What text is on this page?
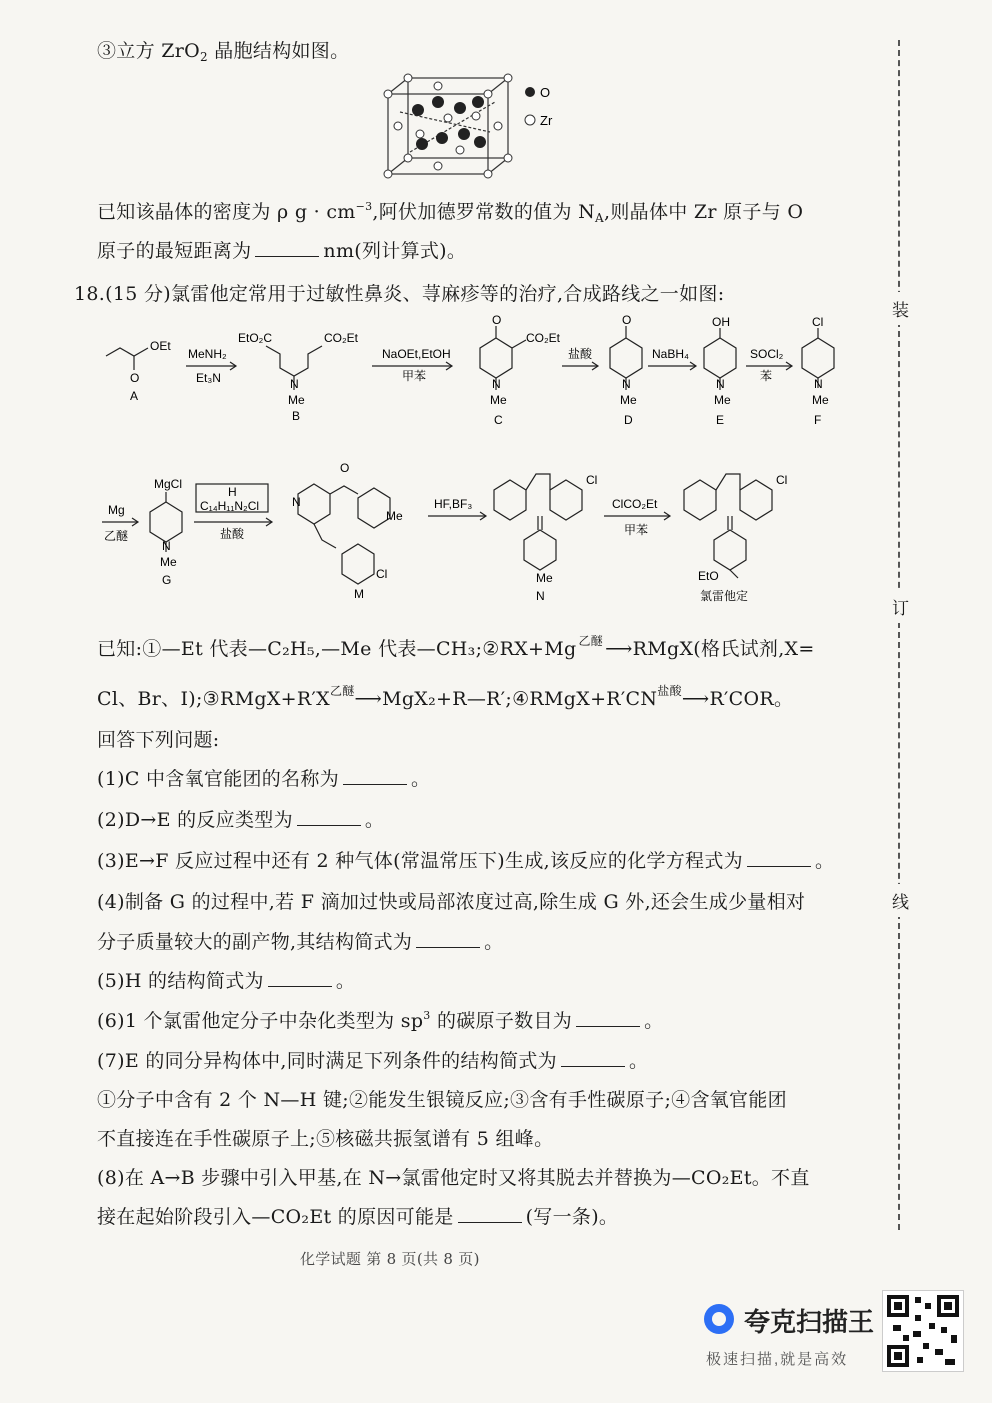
装
订
线
③立方 ZrO$_2$ 晶胞结构如图。
O
Zr
已知该晶体的密度为 ρ $g \cdot cm^{-3}$,阿伏加德罗常数的值为 $N_A$,则晶体中 Zr 原子与 O
原子的最短距离为	nm(列计算式)。
18.(15 分)氯雷他定常用于过敏性鼻炎、荨麻疹等的治疗,合成路线之一如图:
OEt
O
A
MeNH₂
Et₃N
EtO₂C	CO₂Et
N
Me
B
NaOEt,EtOH
甲苯
O
CO₂Et
N
Me
C
盐酸
O
N
Me
D
NaBH₄
OH
N
Me
E
SOCl₂
苯
Cl
N
Me
F
Mg
乙醚
MgCl
N
Me
G
H
C₁₄H₁₁N₂Cl
盐酸
N
O
Me
Cl
M
HF,BF₃
Cl
Me
N
ClCO₂Et
甲苯
Cl
EtO
氯雷他定
已知:①—Et 代表—C₂H₅,—Me 代表—CH₃;②RX+Mg $^{乙醚}$ ⟶RMgX(格氏试剂,X=
Cl、Br、$I);③RMgX+R'X^{乙醚}⟶MgX_2+R—R';④RMgX+R'CN^{盐酸}⟶R'COR$。
回答下列问题:
(1)C 中含氧官能团的名称为	。
(2)D→E 的反应类型为	。
(3)E→F 反应过程中还有 2 种气体(常温常压下)生成,该反应的化学方程式为	。
(4)制备 G 的过程中,若 F 滴加过快或局部浓度过高,除生成 G 外,还会生成少量相对
分子质量较大的副产物,其结构简式为	。
(5)H 的结构简式为	。
(6)1 个氯雷他定分子中杂化类型为 $sp^3$ 的碳原子数目为	。
(7)E 的同分异构体中,同时满足下列条件的结构简式为	。
①分子中含有 2 个 N—H 键;②能发生银镜反应;③含有手性碳原子;④含氧官能团
不直接连在手性碳原子上;⑤核磁共振氢谱有 5 组峰。
(8)在 A→B 步骤中引入甲基,在 N→氯雷他定时又将其脱去并替换为—CO₂Et。不直
接在起始阶段引入—CO₂Et 的原因可能是	(写一条)。
化学试题 第 8 页(共 8 页)
夸克扫描王
极速扫描,就是高效
